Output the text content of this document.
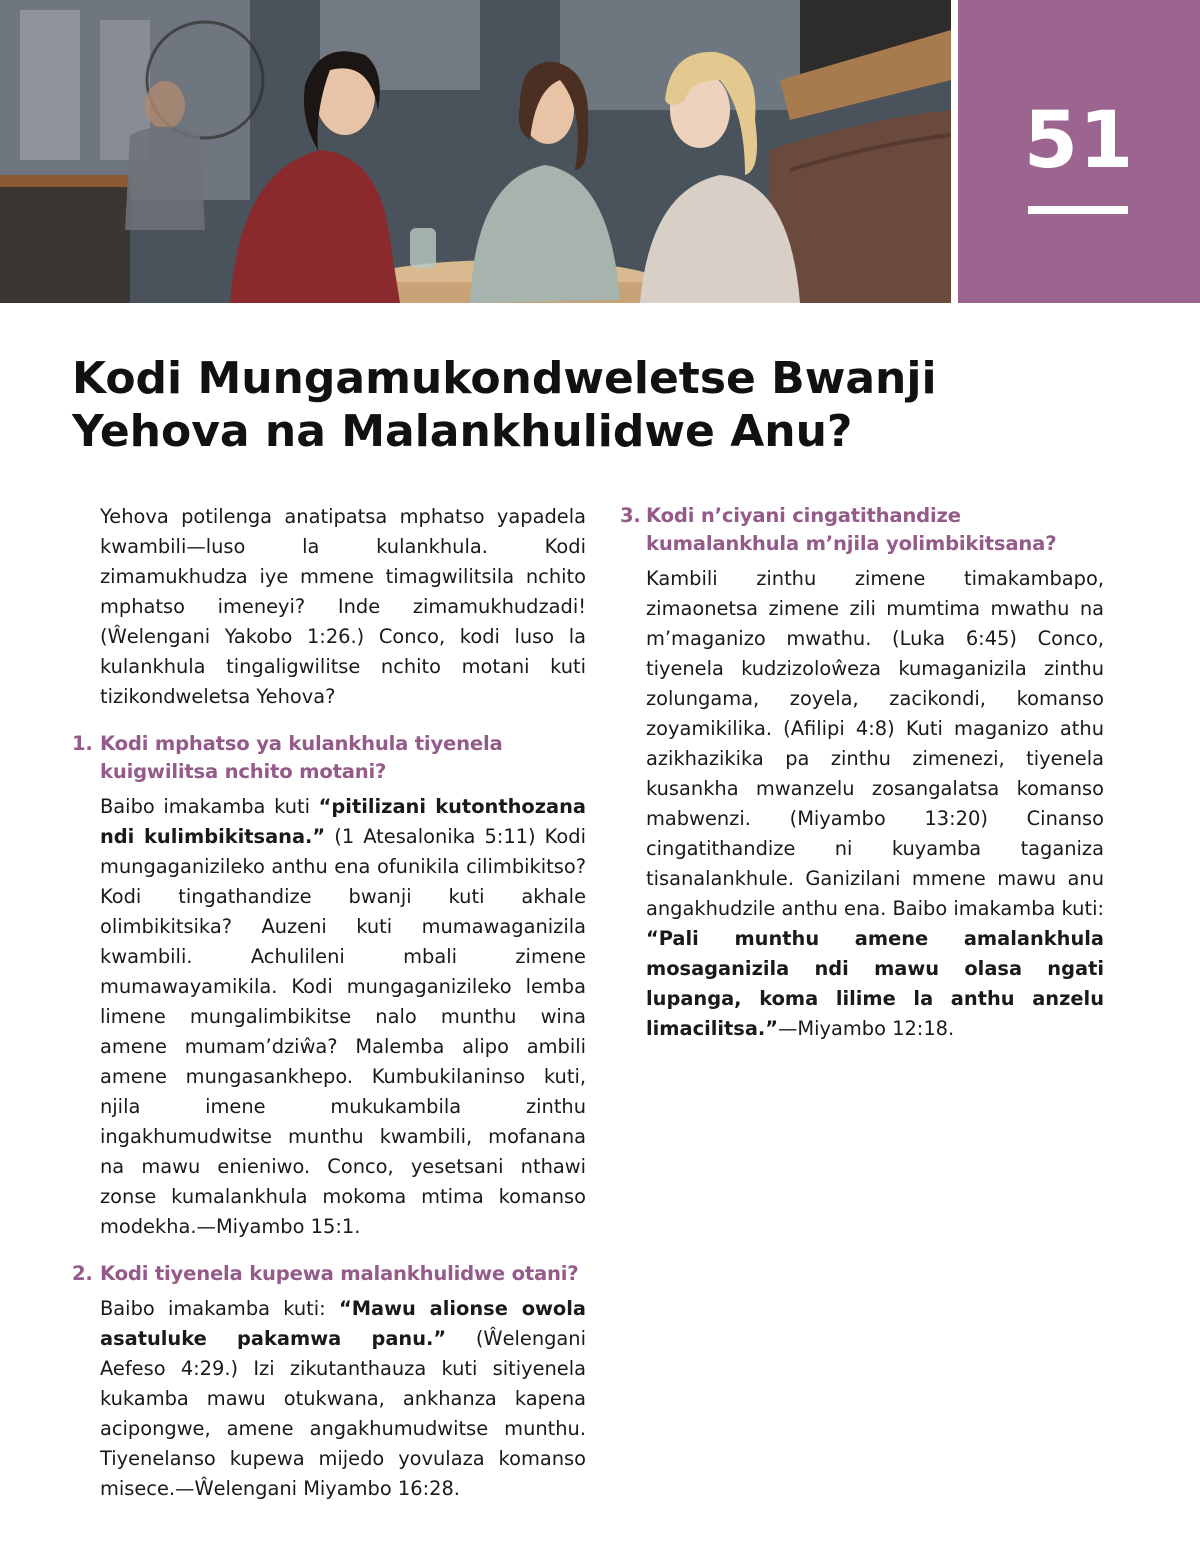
51
Kodi Mungamukondweletse Bwanji
Yehova na Malankhulidwe Anu?

Yehova potilenga anatipatsa mphatso yapadela kwambili—luso la kulankhula. Kodi zimamukhudza iye mmene timagwilitsila nchito mphatso imeneyi? Inde zimamukhudzadi! (Ŵelengani Yakobo 1:26.) Conco, kodi luso la kulankhula tingaligwilitse nchito motani kuti tizikondweletsa Yehova?

1. Kodi mphatso ya kulankhula tiyenela kuigwilitsa nchito motani?

Baibo imakamba kuti “pitilizani kutonthozana ndi kulimbikitsana.” (1 Atesalonika 5:11) Kodi mungaganizileko anthu ena ofunikila cilimbikitso? Kodi tingathandize bwanji kuti akhale olimbikitsika? Auzeni kuti mumawaganizila kwambili. Achulileni mbali zimene mumawayamikila. Kodi mungaganizileko lemba limene mungalimbikitse nalo munthu wina amene mumam’dziŵa? Malemba alipo ambili amene mungasankhepo. Kumbukilaninso kuti, njila imene mukukambila zinthu ingakhumudwitse munthu kwambili, mofanana na mawu enieniwo. Conco, yesetsani nthawi zonse kumalankhula mokoma mtima komanso modekha.—Miyambo 15:1.

2. Kodi tiyenela kupewa malankhulidwe otani?

Baibo imakamba kuti: “Mawu alionse owola asatuluke pakamwa panu.” (Ŵelengani Aefeso 4:29.) Izi zikutanthauza kuti sitiyenela kukamba mawu otukwana, ankhanza kapena acipongwe, amene angakhumudwitse munthu. Tiyenelanso kupewa mijedo yovulaza komanso misece.—Ŵelengani Miyambo 16:28.

3. Kodi n’ciyani cingatithandize kumalankhula m’njila yolimbikitsana?

Kambili zinthu zimene timakambapo, zimaonetsa zimene zili mumtima mwathu na m’maganizo mwathu. (Luka 6:45) Conco, tiyenela kudzizoloŵeza kumaganizila zinthu zolungama, zoyela, zacikondi, komanso zoyamikilika. (Afilipi 4:8) Kuti maganizo athu azikhazikika pa zinthu zimenezi, tiyenela kusankha mwanzelu zosangalatsa komanso mabwenzi. (Miyambo 13:20) Cinanso cingatithandize ni kuyamba taganiza tisanalankhule. Ganizilani mmene mawu anu angakhudzile anthu ena. Baibo imakamba kuti: “Pali munthu amene amalankhula mosaganizila ndi mawu olasa ngati lupanga, koma lilime la anthu anzelu limacilitsa.”—Miyambo 12:18.
